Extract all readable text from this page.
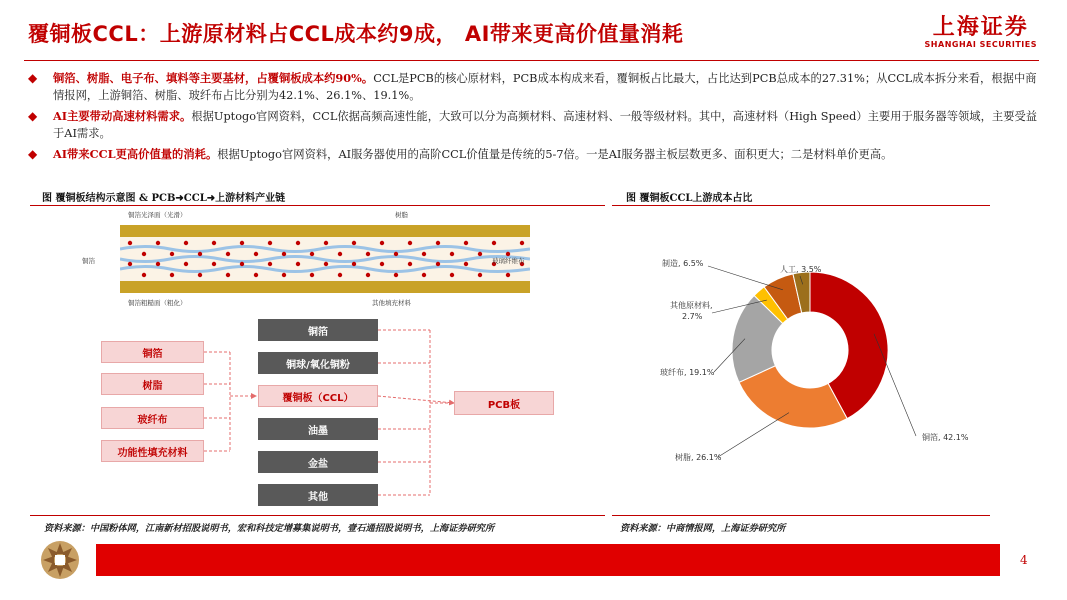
覆铜板CCL：上游原材料占CCL成本约9成， AI带来更高价值量消耗	上海证券
SHANGHAI SECURITIES
◆ 铜箔、树脂、电子布、填料等主要基材，占覆铜板成本约90%。CCL是PCB的核心原材料，PCB成本构成来看，覆铜板占比最大，占比达到PCB总成本的27.31%；从CCL成本拆分来看，根据中商情报网，上游铜箔、树脂、玻纤布占比分别为42.1%、26.1%、19.1%。
◆ AI主要带动高速材料需求。根据Uptogo官网资料，CCL依据高频高速性能，大致可以分为高频材料、高速材料、一般等级材料。其中，高速材料（High Speed）主要用于服务器等领域，主要受益于AI需求。
◆ AI带来CCL更高价值量的消耗。根据Uptogo官网资料，AI服务器使用的高阶CCL价值量是传统的5-7倍。一是AI服务器主板层数更多、面积更大；二是材料单价更高。
图 覆铜板结构示意图 & PCB➜CCL➜上游材料产业链
铜箔光泽面（光滑）	树脂
铜箔	玻璃纤维布
铜箔粗糙面（粗化）	其他填充材料
铜箔
树脂
玻纤布
功能性填充材料
铜箔
铜球/氧化铜粉
覆铜板（CCL）
油墨
金盐
其他
PCB板
资料来源：中国粉体网，江南新材招股说明书，宏和科技定增募集说明书，壹石通招股说明书，上海证券研究所
图 覆铜板CCL上游成本占比
铜箔, 42.1%
树脂, 26.1%
玻纤布, 19.1%
其他原材料, 2.7%
制造, 6.5%
人工, 3.5%
资料来源：中商情报网，上海证券研究所
4
